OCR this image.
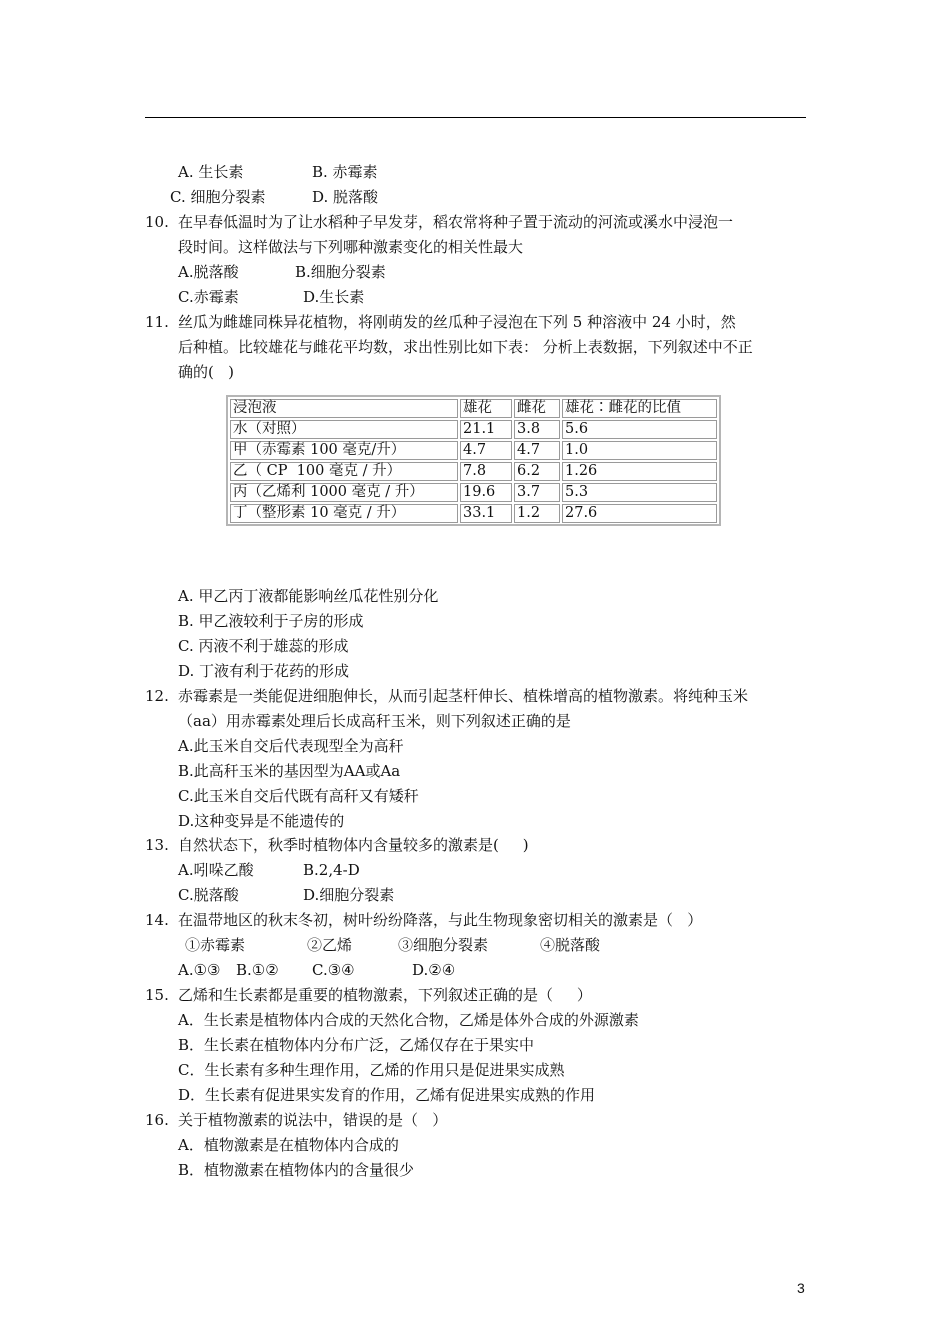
A. 生长素	B. 赤霉素
C. 细胞分裂素	D. 脱落酸
10. 在早春低温时为了让水稻种子早发芽，稻农常将种子置于流动的河流或溪水中浸泡一
段时间。这样做法与下列哪种激素变化的相关性最大
A.脱落酸	B.细胞分裂素
C.赤霉素	D.生长素
11. 丝瓜为雌雄同株异花植物，将刚萌发的丝瓜种子浸泡在下列 5 种溶液中 24 小时，然
后种植。比较雄花与雌花平均数，求出性别比如下表： 分析上表数据，下列叙述中不正
确的(   )
浸泡液	雄花	雌花	雄花∶雌花的比值
水（对照）	21.1	3.8	5.6
甲（赤霉素 100 毫克/升）	4.7	4.7	1.0
乙（ CP  100 毫克 / 升）	7.8	6.2	1.26
丙（乙烯利 1000 毫克 / 升）	19.6	3.7	5.3
丁（整形素 10 毫克 / 升）	33.1	1.2	27.6
A. 甲乙丙丁液都能影响丝瓜花性别分化
B. 甲乙液较利于子房的形成
C. 丙液不利于雄蕊的形成
D. 丁液有利于花药的形成
12. 赤霉素是一类能促进细胞伸长，从而引起茎杆伸长、植株增高的植物激素。将纯种玉米
（aa）用赤霉素处理后长成高秆玉米，则下列叙述正确的是
A.此玉米自交后代表现型全为高秆
B.此高秆玉米的基因型为AA或Aa
C.此玉米自交后代既有高秆又有矮秆
D.这种变异是不能遗传的
13. 自然状态下，秋季时植物体内含量较多的激素是(     )
A.吲哚乙酸	B.2,4-D
C.脱落酸	D.细胞分裂素
14. 在温带地区的秋末冬初，树叶纷纷降落，与此生物现象密切相关的激素是（   ）
①赤霉素	②乙烯	③细胞分裂素	④脱落酸
A.①③ B.①② C.③④	D.②④
15. 乙烯和生长素都是重要的植物激素，下列叙述正确的是（     ）
A．生长素是植物体内合成的天然化合物，乙烯是体外合成的外源激素
B．生长素在植物体内分布广泛，乙烯仅存在于果实中
C．生长素有多种生理作用，乙烯的作用只是促进果实成熟
D．生长素有促进果实发育的作用，乙烯有促进果实成熟的作用
16. 关于植物激素的说法中，错误的是（   ）
A．植物激素是在植物体内合成的
B．植物激素在植物体内的含量很少
3
